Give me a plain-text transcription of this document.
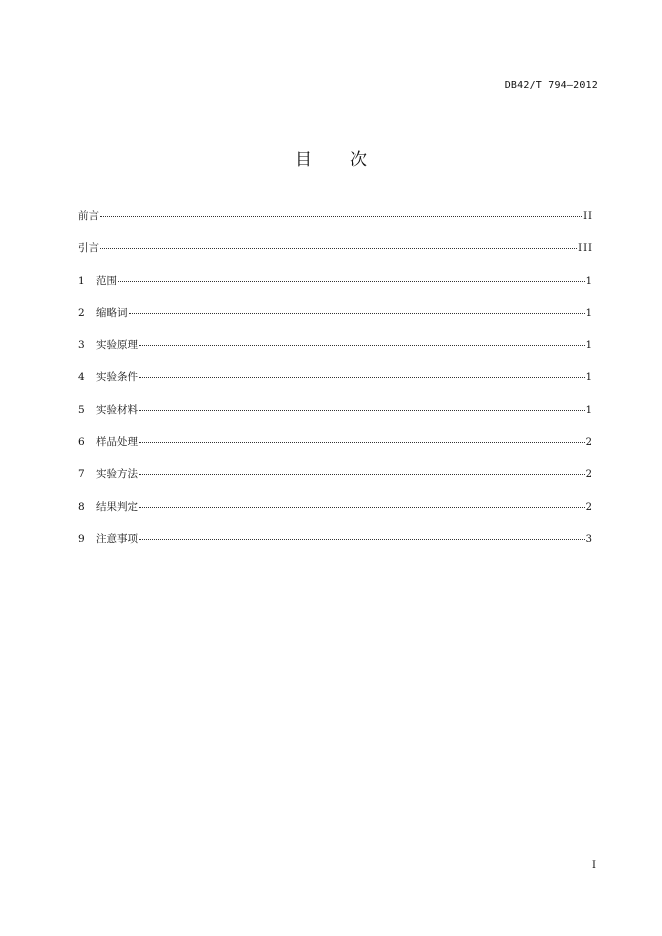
DB42/T 794—2012
目 次
前言	II
引言	III
1	范围	1
2	缩略词	1
3	实验原理	1
4	实验条件	1
5	实验材料	1
6	样品处理	2
7	实验方法	2
8	结果判定	2
9	注意事项	3
I
